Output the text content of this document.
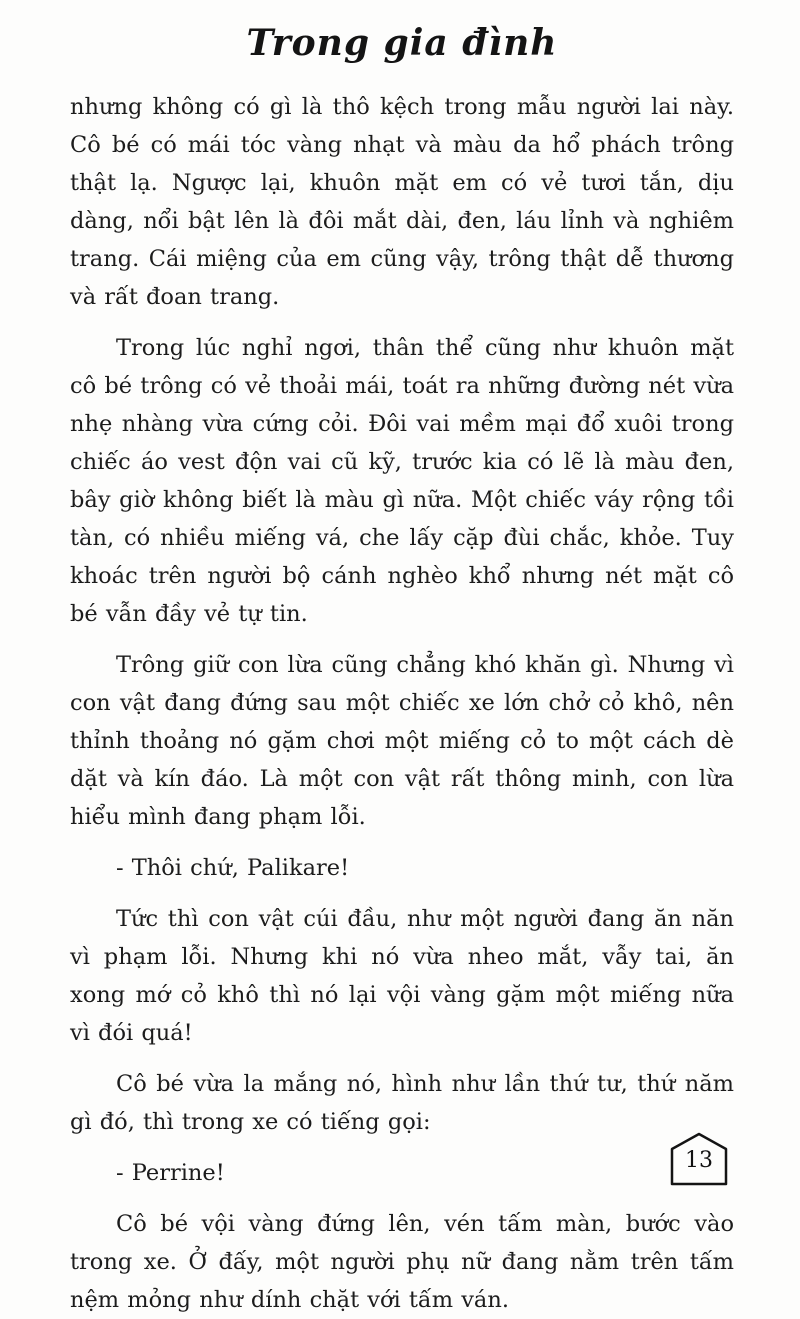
Trong gia đình

nhưng không có gì là thô kệch trong mẫu người lai này. Cô bé có mái tóc vàng nhạt và màu da hổ phách trông thật lạ. Ngược lại, khuôn mặt em có vẻ tươi tắn, dịu dàng, nổi bật lên là đôi mắt dài, đen, láu lỉnh và nghiêm trang. Cái miệng của em cũng vậy, trông thật dễ thương và rất đoan trang.

Trong lúc nghỉ ngơi, thân thể cũng như khuôn mặt cô bé trông có vẻ thoải mái, toát ra những đường nét vừa nhẹ nhàng vừa cứng cỏi. Đôi vai mềm mại đổ xuôi trong chiếc áo vest độn vai cũ kỹ, trước kia có lẽ là màu đen, bây giờ không biết là màu gì nữa. Một chiếc váy rộng tồi tàn, có nhiều miếng vá, che lấy cặp đùi chắc, khỏe. Tuy khoác trên người bộ cánh nghèo khổ nhưng nét mặt cô bé vẫn đầy vẻ tự tin.

Trông giữ con lừa cũng chẳng khó khăn gì. Nhưng vì con vật đang đứng sau một chiếc xe lớn chở cỏ khô, nên thỉnh thoảng nó gặm chơi một miếng cỏ to một cách dè dặt và kín đáo. Là một con vật rất thông minh, con lừa hiểu mình đang phạm lỗi.

- Thôi chứ, Palikare!

Tức thì con vật cúi đầu, như một người đang ăn năn vì phạm lỗi. Nhưng khi nó vừa nheo mắt, vẫy tai, ăn xong mớ cỏ khô thì nó lại vội vàng gặm một miếng nữa vì đói quá!

Cô bé vừa la mắng nó, hình như lần thứ tư, thứ năm gì đó, thì trong xe có tiếng gọi:

- Perrine!

Cô bé vội vàng đứng lên, vén tấm màn, bước vào trong xe. Ở đấy, một người phụ nữ đang nằm trên tấm nệm mỏng như dính chặt với tấm ván.

13
